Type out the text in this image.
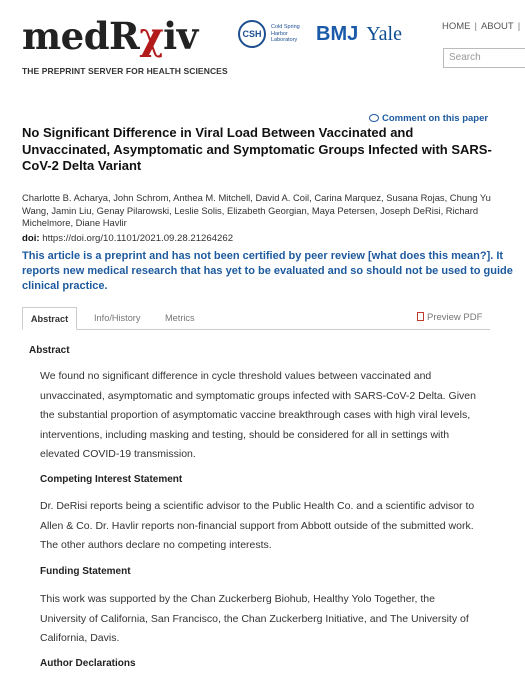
medRχiv
THE PREPRINT SERVER FOR HEALTH SCIENCES
CSH
Cold Spring Harbor Laboratory BMJ Yale	HOME | ABOUT |
Search
Comment on this paper
No Significant Difference in Viral Load Between Vaccinated and Unvaccinated, Asymptomatic and Symptomatic Groups Infected with SARS-CoV-2 Delta Variant
Charlotte B. Acharya, John Schrom, Anthea M. Mitchell, David A. Coil, Carina Marquez, Susana Rojas, Chung Yu Wang, Jamin Liu, Genay Pilarowski, Leslie Solis, Elizabeth Georgian, Maya Petersen, Joseph DeRisi, Richard Michelmore, Diane Havlir
doi: https://doi.org/10.1101/2021.09.28.21264262
This article is a preprint and has not been certified by peer review [what does this mean?]. It reports new medical research that has yet to be evaluated and so should not be used to guide clinical practice.
Abstract	Info/History	Metrics	Preview PDF
Abstract
We found no significant difference in cycle threshold values between vaccinated and unvaccinated, asymptomatic and symptomatic groups infected with SARS-CoV-2 Delta. Given the substantial proportion of asymptomatic vaccine breakthrough cases with high viral levels, interventions, including masking and testing, should be considered for all in settings with elevated COVID-19 transmission.
Competing Interest Statement
Dr. DeRisi reports being a scientific advisor to the Public Health Co. and a scientific advisor to Allen & Co. Dr. Havlir reports non-financial support from Abbott outside of the submitted work. The other authors declare no competing interests.
Funding Statement
This work was supported by the Chan Zuckerberg Biohub, Healthy Yolo Together, the University of California, San Francisco, the Chan Zuckerberg Initiative, and The University of California, Davis.
Author Declarations
